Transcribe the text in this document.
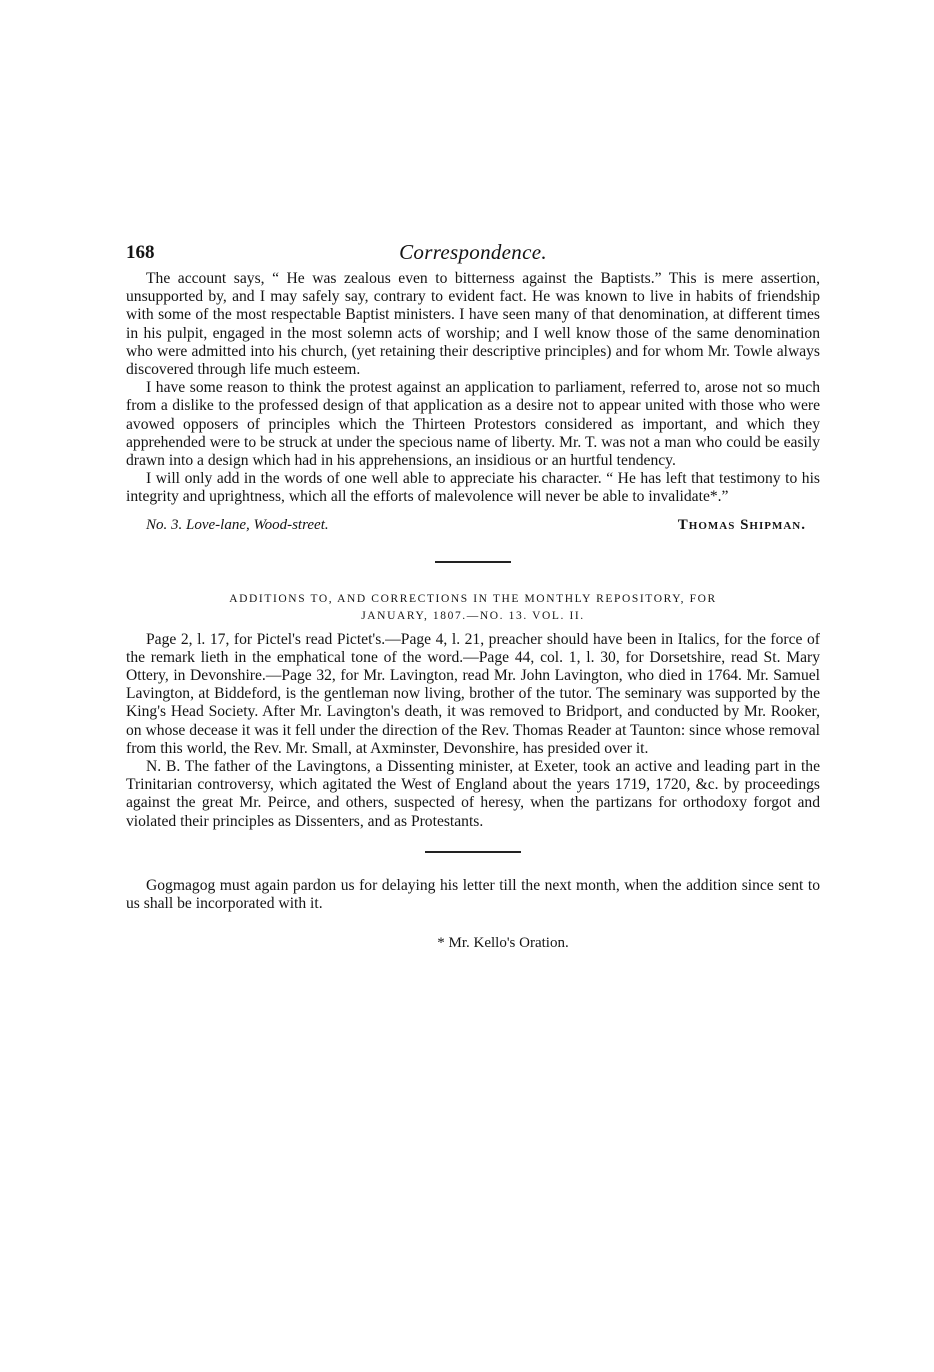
168	Correspondence.

The account says, “ He was zealous even to bitterness against the Baptists.” This is mere assertion, unsupported by, and I may safely say, contrary to evident fact. He was known to live in habits of friendship with some of the most respectable Baptist ministers. I have seen many of that denomination, at different times in his pulpit, engaged in the most solemn acts of worship; and I well know those of the same denomination who were admitted into his church, (yet retaining their descriptive principles) and for whom Mr. Towle always discovered through life much esteem.

I have some reason to think the protest against an application to parliament, referred to, arose not so much from a dislike to the professed design of that application as a desire not to appear united with those who were avowed opposers of principles which the Thirteen Protestors considered as important, and which they apprehended were to be struck at under the specious name of liberty. Mr. T. was not a man who could be easily drawn into a design which had in his apprehensions, an insidious or an hurtful tendency.

I will only add in the words of one well able to appreciate his character. “ He has left that testimony to his integrity and uprightness, which all the efforts of malevolence will never be able to invalidate*.”

No. 3. Love-lane, Wood-street.	Thomas Shipman.
ADDITIONS TO, AND CORRECTIONS IN THE MONTHLY REPOSITORY, FOR
JANUARY, 1807.—NO. 13. VOL. II.

Page 2, l. 17, for Pictel's read Pictet's.—Page 4, l. 21, preacher should have been in Italics, for the force of the remark lieth in the emphatical tone of the word.—Page 44, col. 1, l. 30, for Dorsetshire, read St. Mary Ottery, in Devonshire.—Page 32, for Mr. Lavington, read Mr. John Lavington, who died in 1764. Mr. Samuel Lavington, at Biddeford, is the gentleman now living, brother of the tutor. The seminary was supported by the King's Head Society. After Mr. Lavington's death, it was removed to Bridport, and conducted by Mr. Rooker, on whose decease it was it fell under the direction of the Rev. Thomas Reader at Taunton: since whose removal from this world, the Rev. Mr. Small, at Axminster, Devonshire, has presided over it.

N. B. The father of the Lavingtons, a Dissenting minister, at Exeter, took an active and leading part in the Trinitarian controversy, which agitated the West of England about the years 1719, 1720, &c. by proceedings against the great Mr. Peirce, and others, suspected of heresy, when the partizans for orthodoxy forgot and violated their principles as Dissenters, and as Protestants.

Gogmagog must again pardon us for delaying his letter till the next month, when the addition since sent to us shall be incorporated with it.

* Mr. Kello's Oration.
